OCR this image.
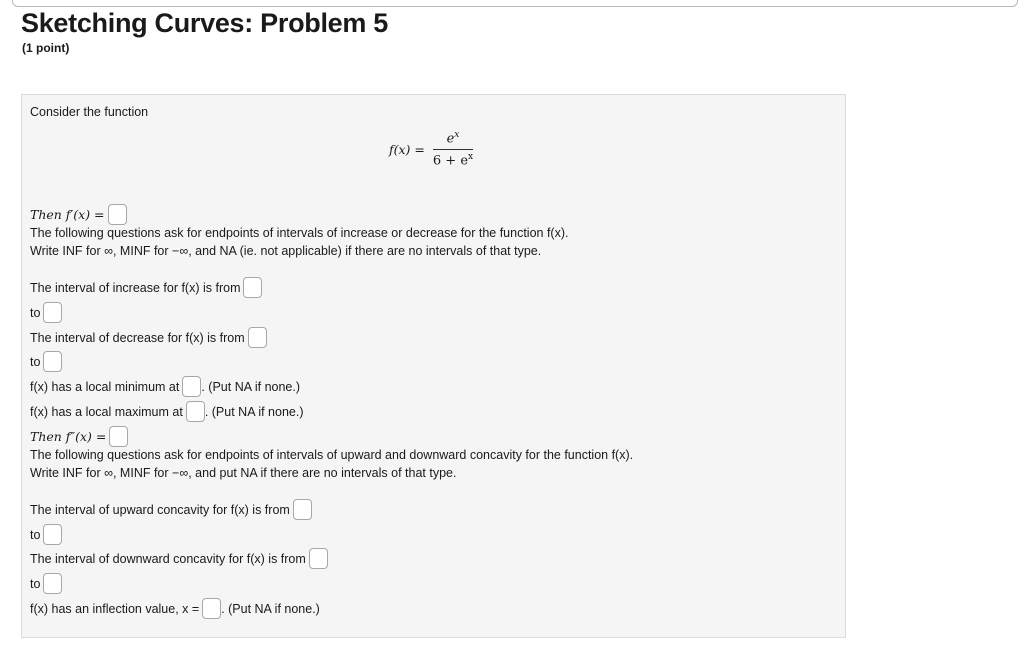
Sketching Curves: Problem 5
(1 point)
Consider the function
$f(x) = \frac{e^x}{6 + e^x}$
Then f′(x) =
The following questions ask for endpoints of intervals of increase or decrease for the function f(x).
Write INF for ∞, MINF for −∞, and NA (ie. not applicable) if there are no intervals of that type.
The interval of increase for f(x) is from
to
The interval of decrease for f(x) is from
to
f(x) has a local minimum at . (Put NA if none.)
f(x) has a local maximum at . (Put NA if none.)
Then f″(x) =
The following questions ask for endpoints of intervals of upward and downward concavity for the function f(x).
Write INF for ∞, MINF for −∞, and put NA if there are no intervals of that type.
The interval of upward concavity for f(x) is from
to
The interval of downward concavity for f(x) is from
to
f(x) has an inflection value, x = . (Put NA if none.)
